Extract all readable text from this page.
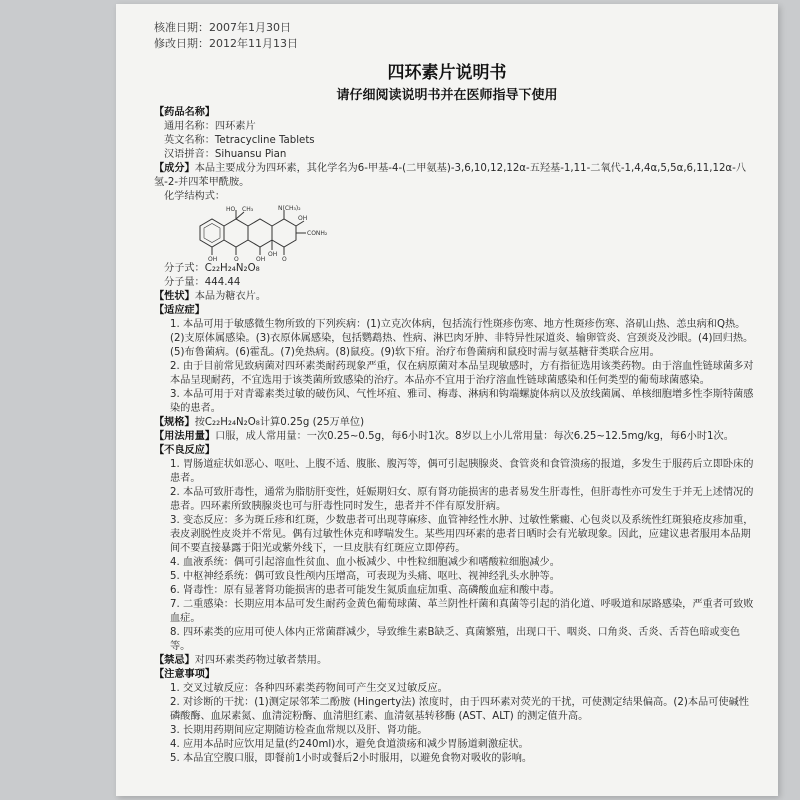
核准日期：2007年1月30日
修改日期：2012年11月13日
四环素片说明书
请仔细阅读说明书并在医师指导下使用

【药品名称】

通用名称：四环素片

英文名称：Tetracycline Tablets

汉语拼音：Sihuansu Pian

【成分】本品主要成分为四环素，其化学名为6-甲基-4-(二甲氨基)-3,6,10,12,12α-五羟基-1,11-二氧代-1,4,4α,5,5α,6,11,12α-八氢-2-并四苯甲酰胺。

化学结构式：

HO CH₃	N(CH₃)₂
OH
CONH₂
OH	O	OH
OH
O

分子式：C₂₂H₂₄N₂O₈

分子量：444.44

【性状】本品为糖衣片。

【适应症】

1. 本品可用于敏感微生物所致的下列疾病：(1)立克次体病，包括流行性斑疹伤寒、地方性斑疹伤寒、洛矶山热、恙虫病和Q热。(2)支原体属感染。(3)衣原体属感染，包括鹦鹉热、性病、淋巴肉牙肿、非特异性尿道炎、输卵管炎、宫颈炎及沙眼。(4)回归热。(5)布鲁菌病。(6)霍乱。(7)免热病。(8)鼠疫。(9)软下疳。治疗布鲁菌病和鼠疫时需与氨基糖苷类联合应用。

2. 由于目前常见致病菌对四环素类耐药现象严重，仅在病原菌对本品呈现敏感时，方有指征选用该类药物。由于溶血性链球菌多对本品呈现耐药，不宜选用于该类菌所致感染的治疗。本品亦不宜用于治疗溶血性链球菌感染和任何类型的葡萄球菌感染。

3. 本品可用于对青霉素类过敏的破伤风、气性坏疽、雅司、梅毒、淋病和钩端螺旋体病以及放线菌属、单核细胞增多性李斯特菌感染的患者。

【规格】按C₂₂H₂₄N₂O₈计算0.25g (25万单位)

【用法用量】口服，成人常用量：一次0.25~0.5g，每6小时1次。8岁以上小儿常用量：每次6.25~12.5mg/kg，每6小时1次。

【不良反应】

1. 胃肠道症状如恶心、呕吐、上腹不适、腹胀、腹泻等，偶可引起胰腺炎、食管炎和食管溃疡的报道，多发生于服药后立即卧床的患者。

2. 本品可致肝毒性，通常为脂肪肝变性，妊娠期妇女、原有肾功能损害的患者易发生肝毒性，但肝毒性亦可发生于并无上述情况的患者。四环素所致胰腺炎也可与肝毒性同时发生，患者并不伴有原发肝病。

3. 变态反应：多为斑丘疹和红斑，少数患者可出现荨麻疹、血管神经性水肿、过敏性紫癜、心包炎以及系统性红斑狼疮皮疹加重，表皮剥脱性皮炎并不常见。偶有过敏性休克和哮喘发生。某些用四环素的患者日晒时会有光敏现象。因此，应建议患者服用本品期间不要直接暴露于阳光或紫外线下，一旦皮肤有红斑应立即停药。

4. 血液系统：偶可引起溶血性贫血、血小板减少、中性粒细胞减少和嗜酸粒细胞减少。

5. 中枢神经系统：偶可致良性颅内压增高，可表现为头痛、呕吐、视神经乳头水肿等。

6. 肾毒性：原有显著肾功能损害的患者可能发生氮质血症加重、高磷酸血症和酸中毒。

7. 二重感染：长期应用本品可发生耐药金黄色葡萄球菌、革兰阴性杆菌和真菌等引起的消化道、呼吸道和尿路感染，严重者可致败血症。

8. 四环素类的应用可使人体内正常菌群减少，导致维生素B缺乏、真菌繁殖，出现口干、咽炎、口角炎、舌炎、舌苔色暗或变色等。

【禁忌】对四环素类药物过敏者禁用。

【注意事项】

1. 交叉过敏反应：各种四环素类药物间可产生交叉过敏反应。

2. 对诊断的干扰：(1)测定尿邻苯二酚胺 (Hingerty法) 浓度时，由于四环素对荧光的干扰，可使测定结果偏高。(2)本品可使碱性磷酸酶、血尿素氮、血清淀粉酶、血清胆红素、血清氨基转移酶 (AST、ALT) 的测定值升高。

3. 长期用药期间应定期随访检查血常规以及肝、肾功能。

4. 应用本品时应饮用足量(约240ml)水，避免食道溃疡和减少胃肠道刺激症状。

5. 本品宜空腹口服，即餐前1小时或餐后2小时服用，以避免食物对吸收的影响。
